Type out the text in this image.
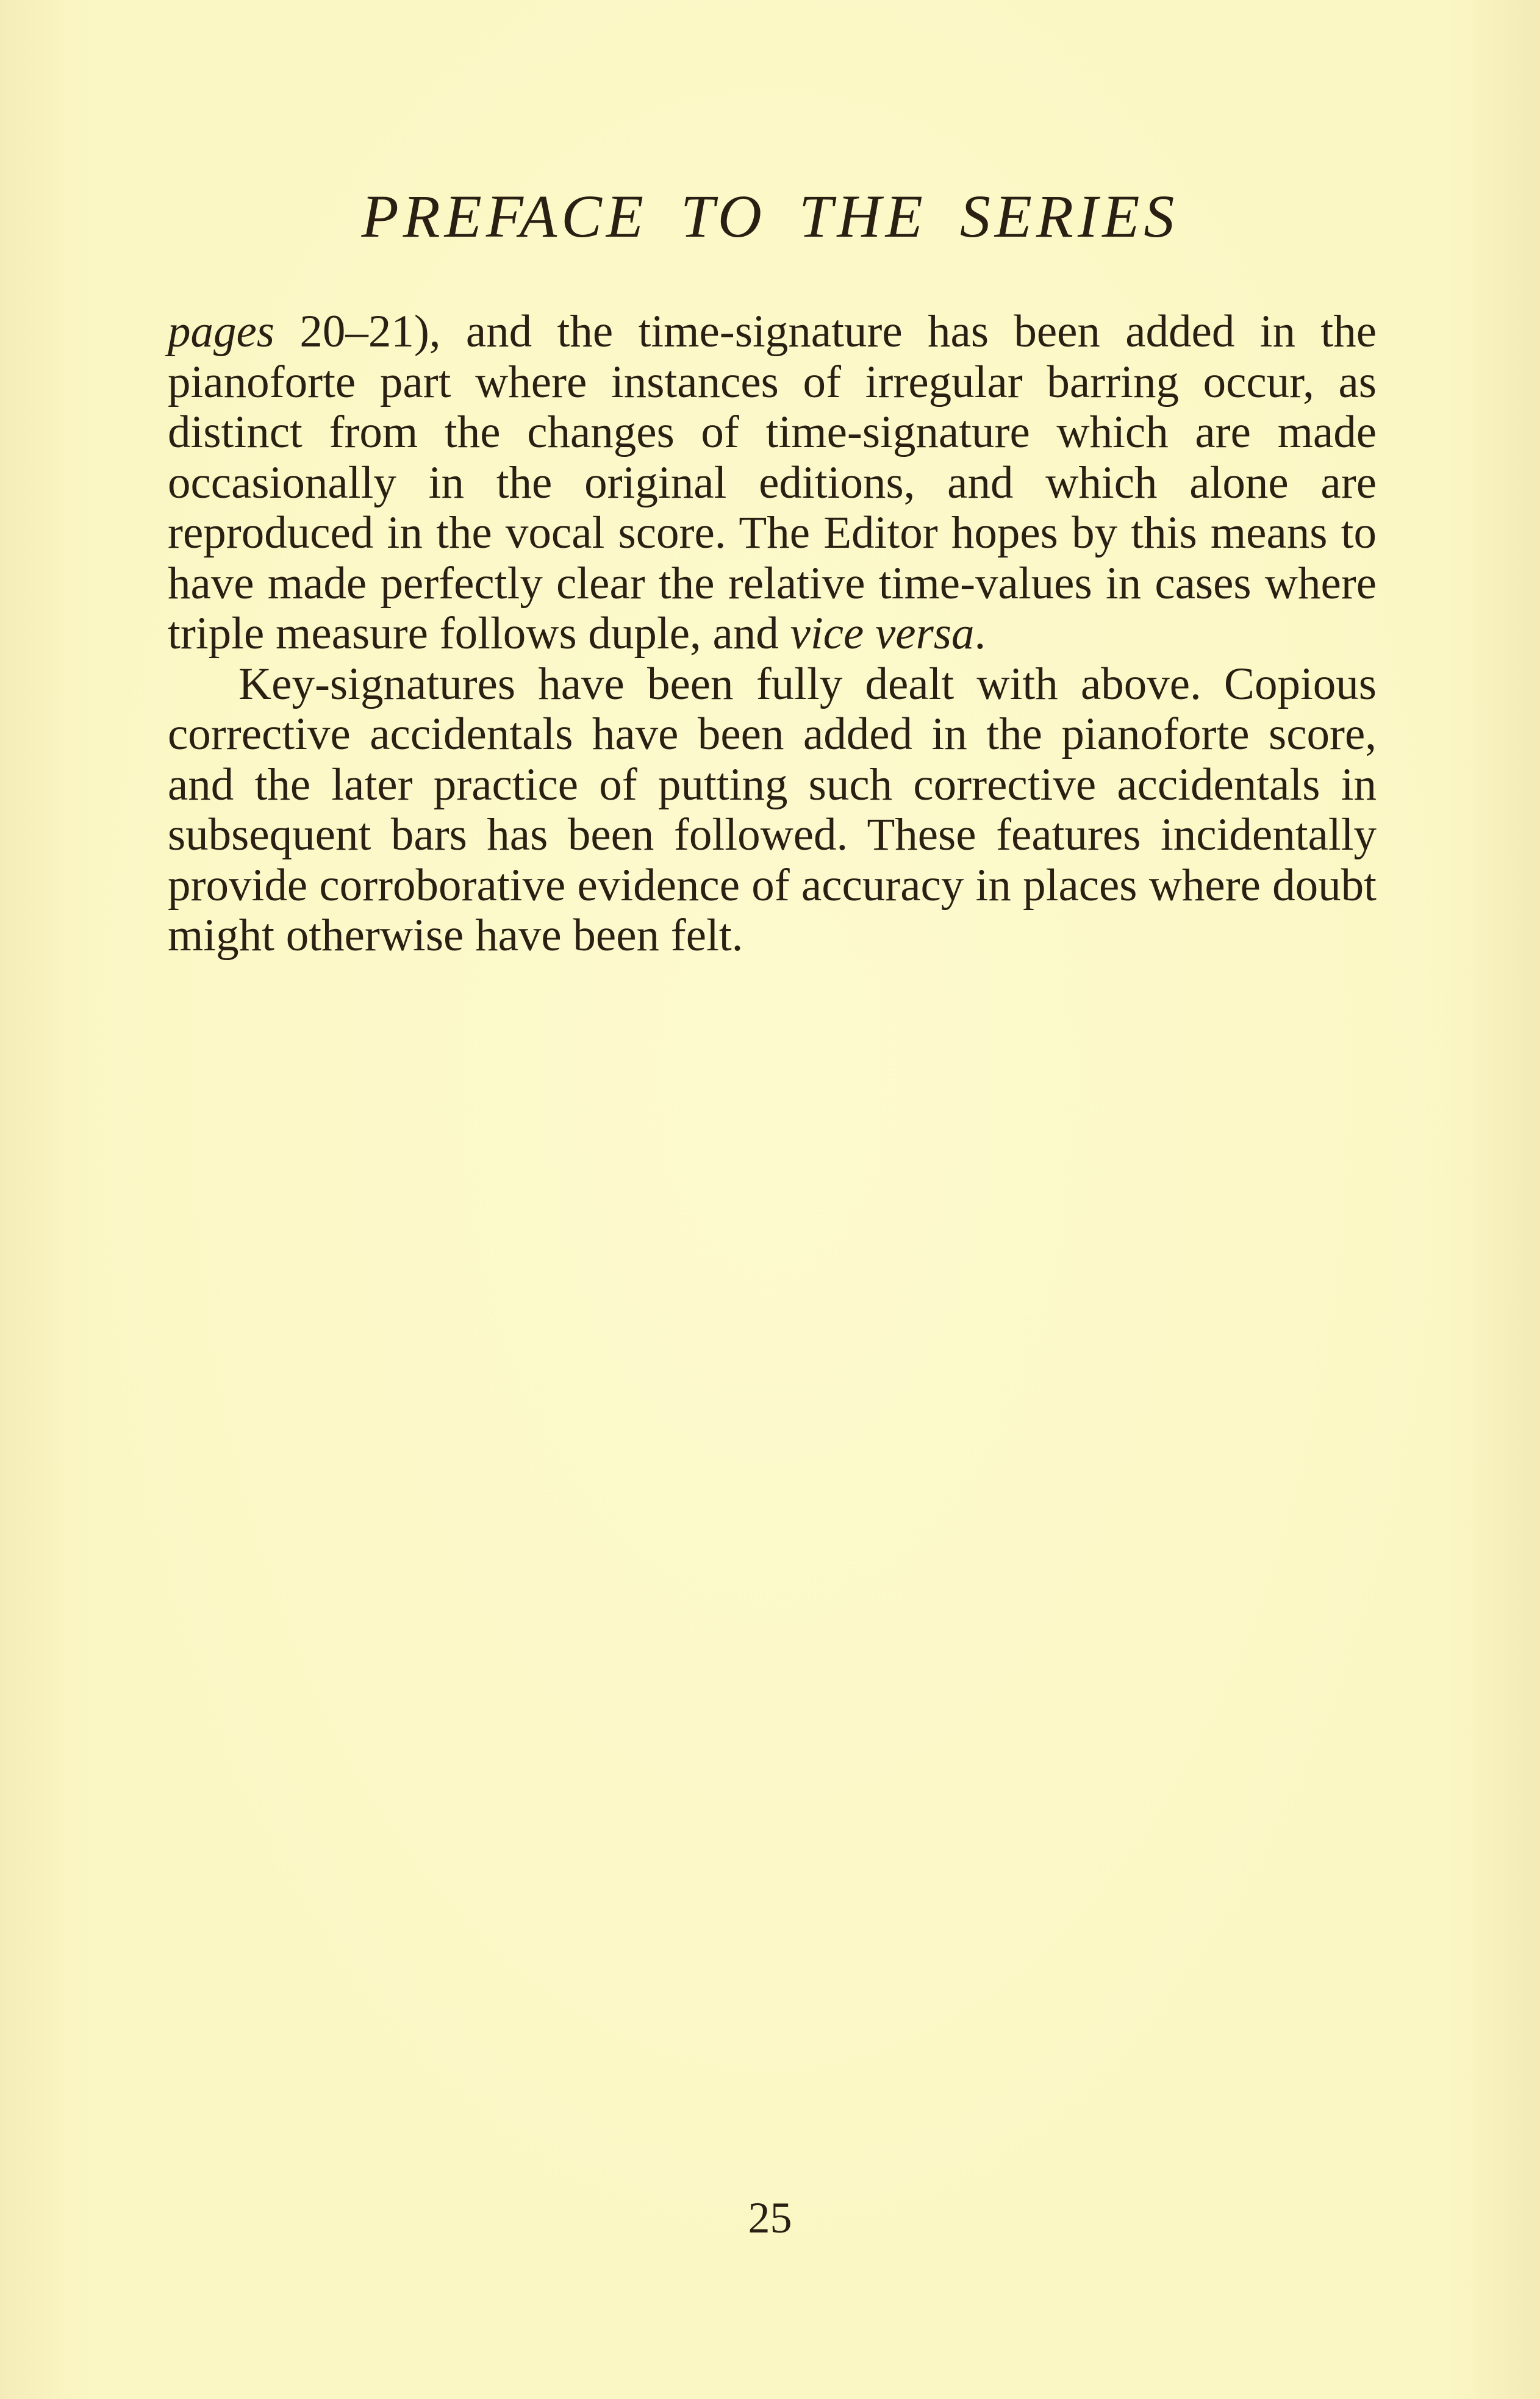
PREFACE TO THE SERIES

pages 20–21), and the time-signature has been added in the pianoforte part where instances of irregular barring occur, as distinct from the changes of time-signature which are made occasionally in the original editions, and which alone are reproduced in the vocal score. The Editor hopes by this means to have made perfectly clear the relative time-values in cases where triple measure follows duple, and vice versa.

Key-signatures have been fully dealt with above. Copious corrective accidentals have been added in the pianoforte score, and the later practice of putting such corrective accidentals in subsequent bars has been followed. These features incidentally provide corroborative evidence of accuracy in places where doubt might otherwise have been felt.

25
